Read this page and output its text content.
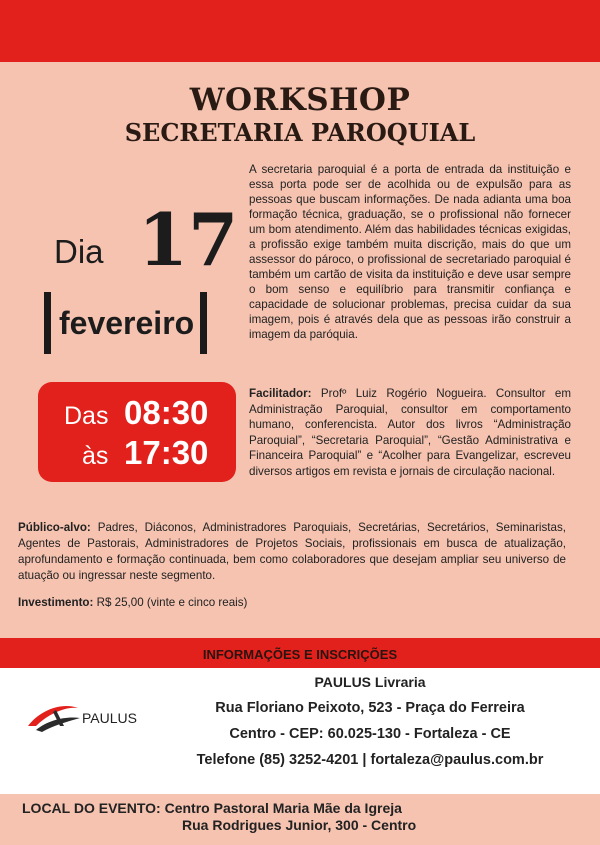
WORKSHOP
SECRETARIA PAROQUIAL
Dia 17
fevereiro
A secretaria paroquial é a porta de entrada da instituição e essa porta pode ser de acolhida ou de expulsão para as pessoas que buscam informações. De nada adianta uma boa formação técnica, graduação, se o profissional não fornecer um bom atendimento. Além das habilidades técnicas exigidas, a profissão exige também muita discrição, mais do que um assessor do pároco, o profissional de secretariado paroquial é também um cartão de visita da instituição e deve usar sempre o bom senso e equilíbrio para transmitir confiança e capacidade de solucionar problemas, precisa cuidar da sua imagem, pois é através dela que as pessoas irão construir a imagem da paróquia.
Das 08:30
às 17:30
Facilitador: Profº Luiz Rogério Nogueira. Consultor em Administração Paroquial, consultor em comportamento humano, conferencista. Autor dos livros “Administração Paroquial”, “Secretaria Paroquial”, “Gestão Administrativa e Financeira Paroquial” e “Acolher para Evangelizar, escreveu diversos artigos em revista e jornais de circulação nacional.
Público-alvo: Padres, Diáconos, Administradores Paroquiais, Secretárias, Secretários, Seminaristas, Agentes de Pastorais, Administradores de Projetos Sociais, profissionais em busca de atualização, aprofundamento e formação continuada, bem como colaboradores que desejam ampliar seu universo de atuação ou ingressar neste segmento.
Investimento: R$ 25,00 (vinte e cinco reais)
INFORMAÇÕES E INSCRIÇÕES
PAULUS
PAULUS Livraria
Rua Floriano Peixoto, 523 - Praça do Ferreira
Centro - CEP: 60.025-130 - Fortaleza - CE
Telefone (85) 3252-4201 | fortaleza@paulus.com.br
LOCAL DO EVENTO: Centro Pastoral Maria Mãe da Igreja
Rua Rodrigues Junior, 300 - Centro
